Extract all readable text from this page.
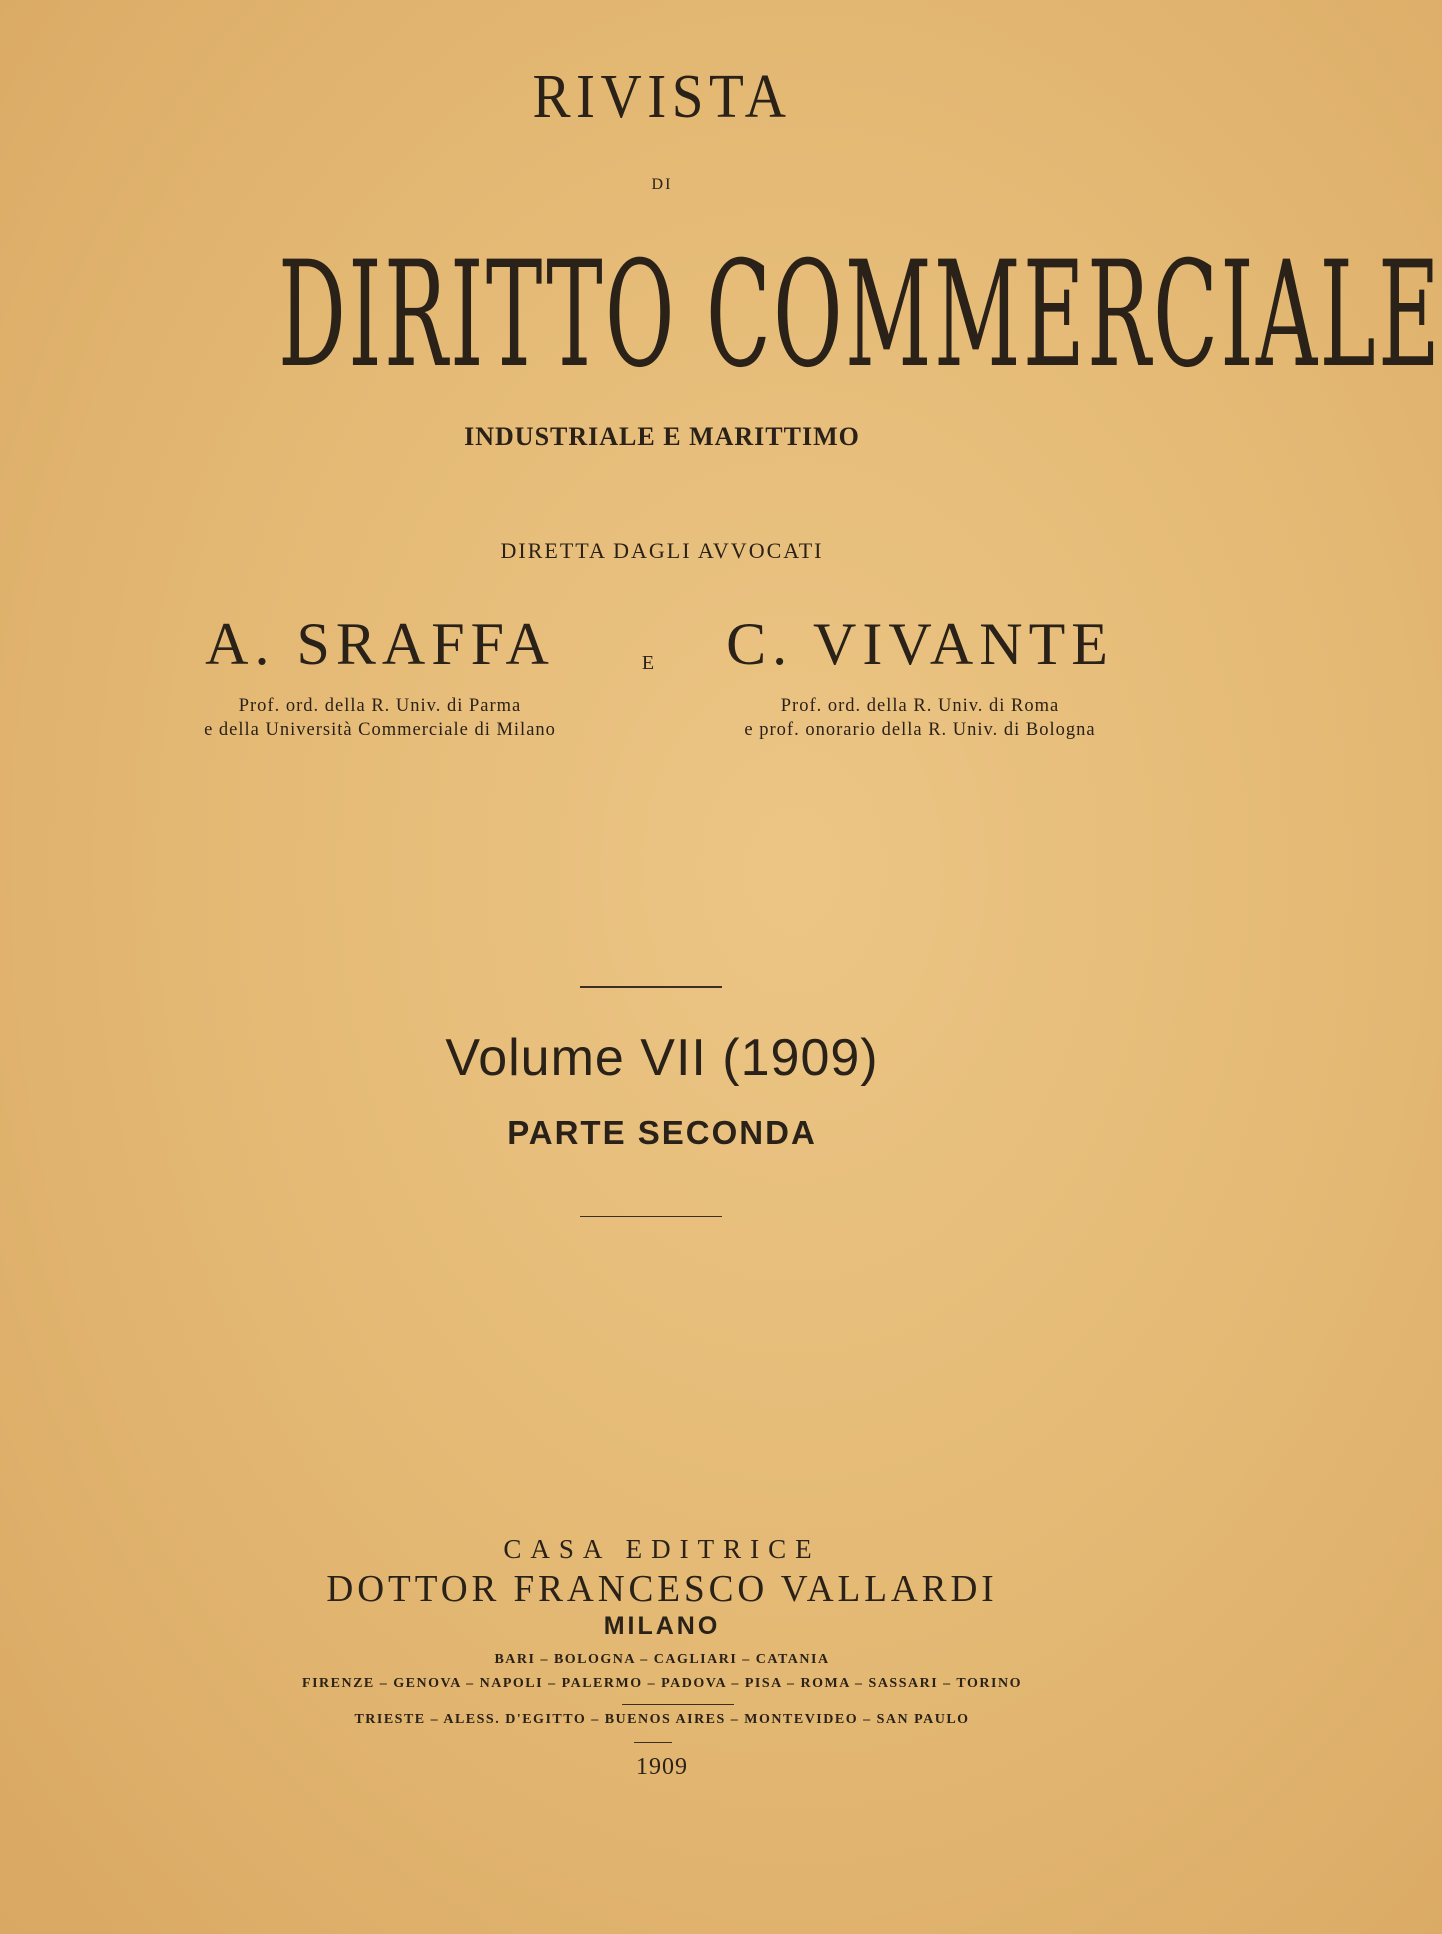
RIVISTA
DI
DIRITTO COMMERCIALE
INDUSTRIALE E MARITTIMO
DIRETTA DAGLI AVVOCATI
A. SRAFFA
Prof. ord. della R. Univ. di Parma
e della Università Commerciale di Milano
E	C. VIVANTE
Prof. ord. della R. Univ. di Roma
e prof. onorario della R. Univ. di Bologna
Volume VII (1909)
PARTE SECONDA
CASA EDITRICE
DOTTOR FRANCESCO VALLARDI
MILANO
BARI – BOLOGNA – CAGLIARI – CATANIA
FIRENZE – GENOVA – NAPOLI – PALERMO – PADOVA – PISA – ROMA – SASSARI – TORINO
TRIESTE – ALESS. D'EGITTO – BUENOS AIRES – MONTEVIDEO – SAN PAULO
1909
